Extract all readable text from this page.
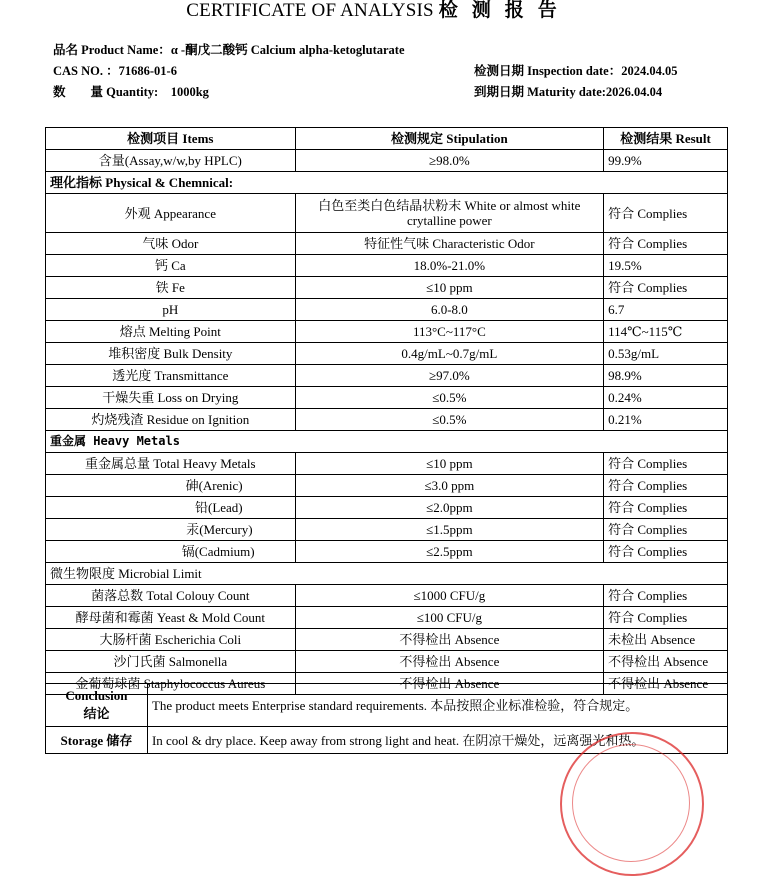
CERTIFICATE OF ANALYSIS 检测报告
品名 Product Name：α -酮戊二酸钙 Calcium alpha-ketoglutarate
CAS NO. ：71686-01-6
数　　量 Quantity: 1000kg
检测日期 Inspection date：2024.04.05
到期日期 Maturity date:2026.04.04
检测项目 Items	检测规定 Stipulation	检测结果 Result
含量(Assay,w/w,by HPLC)	≥98.0%	99.9%
理化指标 Physical & Chemnical:		
外观 Appearance	白色至类白色结晶状粉末 White or almost white crytalline power	符合 Complies
气味 Odor	特征性气味 Characteristic Odor	符合 Complies
钙 Ca	18.0%-21.0%	19.5%
铁 Fe	≤10 ppm	符合 Complies
pH	6.0-8.0	6.7
熔点 Melting Point	113°C~117°C	114℃~115℃
堆积密度 Bulk Density	0.4g/mL~0.7g/mL	0.53g/mL
透光度 Transmittance	≥97.0%	98.9%
干燥失重 Loss on Drying	≤0.5%	0.24%
灼烧残渣 Residue on Ignition	≤0.5%	0.21%
重金属 Heavy Metals		
重金属总量 Total Heavy Metals	≤10 ppm	符合 Complies
砷(Arenic)	≤3.0 ppm	符合 Complies
铅(Lead)	≤2.0ppm	符合 Complies
汞(Mercury)	≤1.5ppm	符合 Complies
镉(Cadmium)	≤2.5ppm	符合 Complies
微生物限度 Microbial Limit		
菌落总数 Total Colouy Count	≤1000 CFU/g	符合 Complies
酵母菌和霉菌 Yeast & Mold Count	≤100 CFU/g	符合 Complies
大肠杆菌 Escherichia Coli	不得检出 Absence	未检出 Absence
沙门氏菌 Salmonella	不得检出 Absence	不得检出 Absence
金葡萄球菌 Staphylococcus Aureus	不得检出 Absence	不得检出 Absence
Conclusion
结论	The product meets Enterprise standard requirements. 本品按照企业标准检验，符合规定。
Storage 储存	In cool & dry place. Keep away from strong light and heat. 在阴凉干燥处，远离强光和热。
